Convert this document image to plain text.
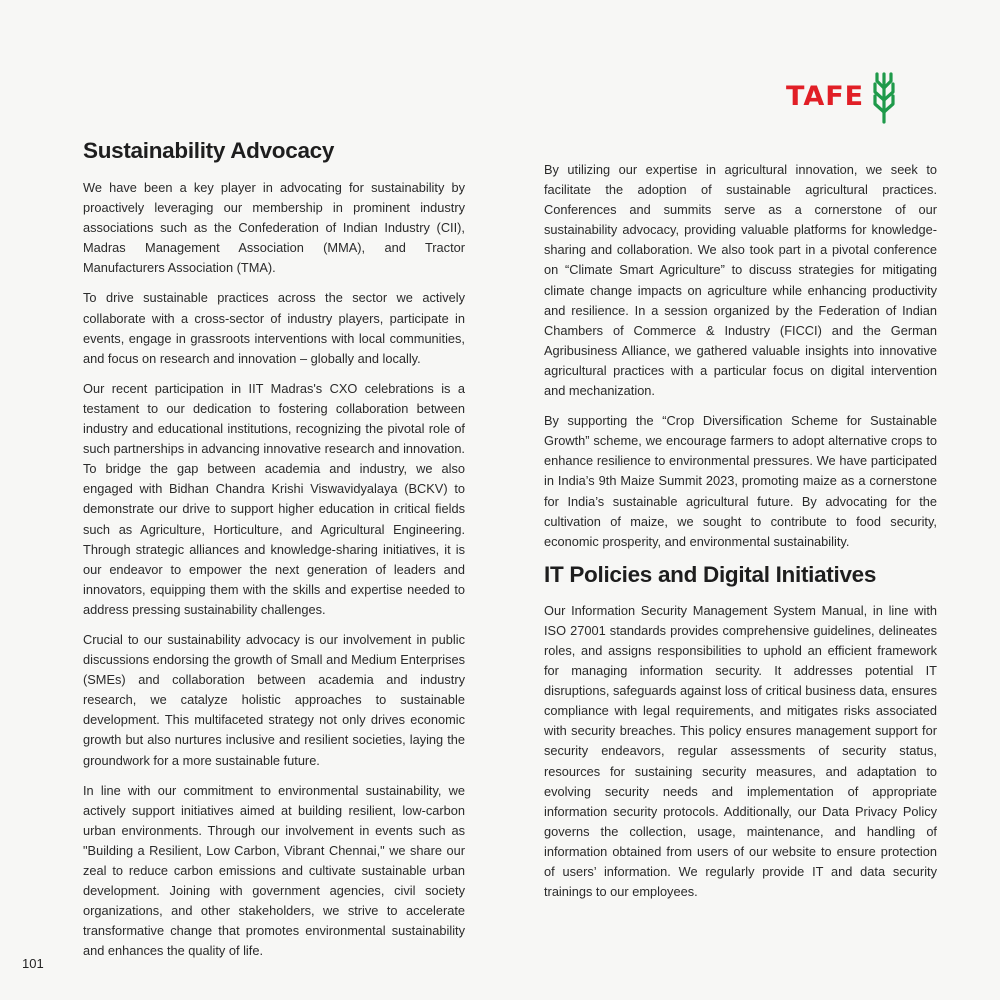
TAFE
Sustainability Advocacy

We have been a key player in advocating for sustainability by proactively leveraging our membership in prominent industry associations such as the Confederation of Indian Industry (CII), Madras Management Association (MMA), and Tractor Manufacturers Association (TMA).

To drive sustainable practices across the sector we actively collaborate with a cross-sector of industry players, participate in events, engage in grassroots interventions with local communities, and focus on research and innovation – globally and locally.

Our recent participation in IIT Madras's CXO celebrations is a testament to our dedication to fostering collaboration between industry and educational institutions, recognizing the pivotal role of such partnerships in advancing innovative research and innovation. To bridge the gap between academia and industry, we also engaged with Bidhan Chandra Krishi Viswavidyalaya (BCKV) to demonstrate our drive to support higher education in critical fields such as Agriculture, Horticulture, and Agricultural Engineering. Through strategic alliances and knowledge-sharing initiatives, it is our endeavor to empower the next generation of leaders and innovators, equipping them with the skills and expertise needed to address pressing sustainability challenges.

Crucial to our sustainability advocacy is our involvement in public discussions endorsing the growth of Small and Medium Enterprises (SMEs) and collaboration between academia and industry research, we catalyze holistic approaches to sustainable development. This multifaceted strategy not only drives economic growth but also nurtures inclusive and resilient societies, laying the groundwork for a more sustainable future.

In line with our commitment to environmental sustainability, we actively support initiatives aimed at building resilient, low-carbon urban environments. Through our involvement in events such as "Building a Resilient, Low Carbon, Vibrant Chennai," we share our zeal to reduce carbon emissions and cultivate sustainable urban development. Joining with government agencies, civil society organizations, and other stakeholders, we strive to accelerate transformative change that promotes environmental sustainability and enhances the quality of life.

By utilizing our expertise in agricultural innovation, we seek to facilitate the adoption of sustainable agricultural practices. Conferences and summits serve as a cornerstone of our sustainability advocacy, providing valuable platforms for knowledge-sharing and collaboration. We also took part in a pivotal conference on “Climate Smart Agriculture” to discuss strategies for mitigating climate change impacts on agriculture while enhancing productivity and resilience. In a session organized by the Federation of Indian Chambers of Commerce & Industry (FICCI) and the German Agribusiness Alliance, we gathered valuable insights into innovative agricultural practices with a particular focus on digital intervention and mechanization.

By supporting the “Crop Diversification Scheme for Sustainable Growth” scheme, we encourage farmers to adopt alternative crops to enhance resilience to environmental pressures. We have participated in India’s 9th Maize Summit 2023, promoting maize as a cornerstone for India’s sustainable agricultural future. By advocating for the cultivation of maize, we sought to contribute to food security, economic prosperity, and environmental sustainability.

IT Policies and Digital Initiatives

Our Information Security Management System Manual, in line with ISO 27001 standards provides comprehensive guidelines, delineates roles, and assigns responsibilities to uphold an efficient framework for managing information security. It addresses potential IT disruptions, safeguards against loss of critical business data, ensures compliance with legal requirements, and mitigates risks associated with security breaches. This policy ensures management support for security endeavors, regular assessments of security status, resources for sustaining security measures, and adaptation to evolving security needs and implementation of appropriate information security protocols. Additionally, our Data Privacy Policy governs the collection, usage, maintenance, and handling of information obtained from users of our website to ensure protection of users’ information. We regularly provide IT and data security trainings to our employees.

101
